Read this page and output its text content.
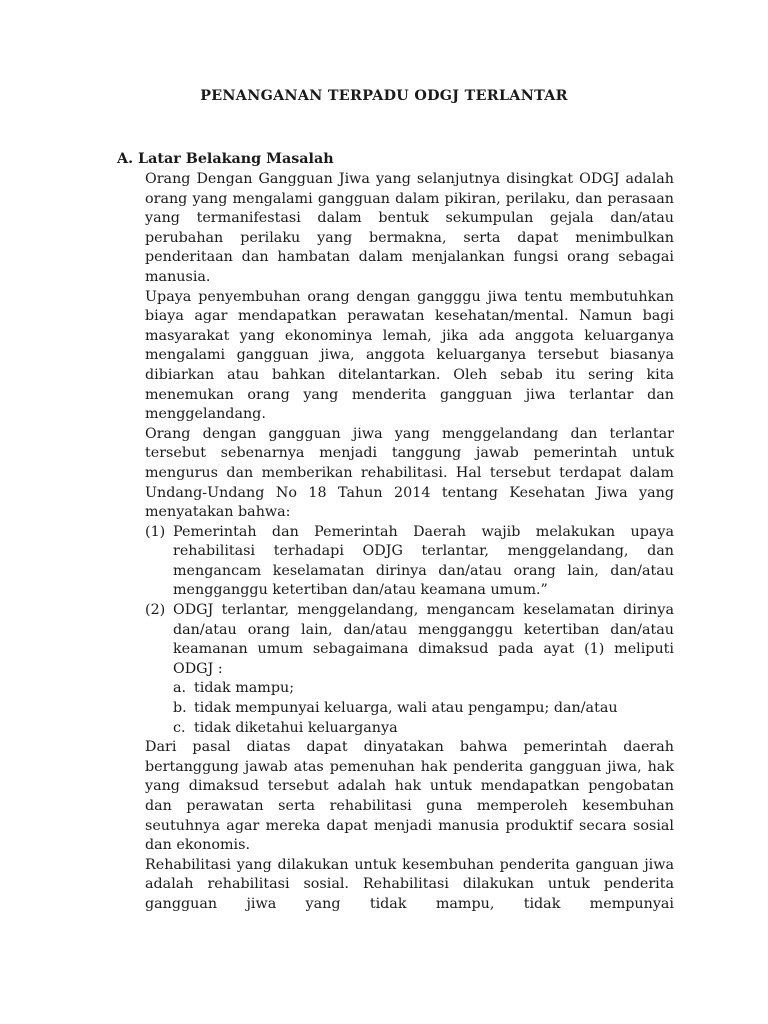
PENANGANAN TERPADU ODGJ TERLANTAR
A. Latar Belakang Masalah
Orang Dengan Gangguan Jiwa yang selanjutnya disingkat ODGJ adalah orang yang mengalami gangguan dalam pikiran, perilaku, dan perasaan yang termanifestasi dalam bentuk sekumpulan gejala dan/atau perubahan perilaku yang bermakna, serta dapat menimbulkan penderitaan dan hambatan dalam menjalankan fungsi orang sebagai manusia.
Upaya penyembuhan orang dengan gangggu jiwa tentu membutuhkan biaya agar mendapatkan perawatan kesehatan/mental. Namun bagi masyarakat yang ekonominya lemah, jika ada anggota keluarganya mengalami gangguan jiwa, anggota keluarganya tersebut biasanya dibiarkan atau bahkan ditelantarkan. Oleh sebab itu sering kita menemukan orang yang menderita gangguan jiwa terlantar dan menggelandang.
Orang dengan gangguan jiwa yang menggelandang dan terlantar tersebut sebenarnya menjadi tanggung jawab pemerintah untuk mengurus dan memberikan rehabilitasi. Hal tersebut terdapat dalam Undang-Undang No 18 Tahun 2014 tentang Kesehatan Jiwa yang menyatakan bahwa:
(1) Pemerintah dan Pemerintah Daerah wajib melakukan upaya rehabilitasi terhadapi ODJG terlantar, menggelandang, dan mengancam keselamatan dirinya dan/atau orang lain, dan/atau mengganggu ketertiban dan/atau keamana umum.”
(2) ODGJ terlantar, menggelandang, mengancam keselamatan dirinya dan/atau orang lain, dan/atau mengganggu ketertiban dan/atau keamanan umum sebagaimana dimaksud pada ayat (1) meliputi ODGJ :
a. tidak mampu;
b. tidak mempunyai keluarga, wali atau pengampu; dan/atau
c. tidak diketahui keluarganya
Dari pasal diatas dapat dinyatakan bahwa pemerintah daerah bertanggung jawab atas pemenuhan hak penderita gangguan jiwa, hak yang dimaksud tersebut adalah hak untuk mendapatkan pengobatan dan perawatan serta rehabilitasi guna memperoleh kesembuhan seutuhnya agar mereka dapat menjadi manusia produktif secara sosial dan ekonomis.
Rehabilitasi yang dilakukan untuk kesembuhan penderita ganguan jiwa adalah rehabilitasi sosial. Rehabilitasi dilakukan untuk penderita gangguan jiwa yang tidak mampu, tidak mempunyai
